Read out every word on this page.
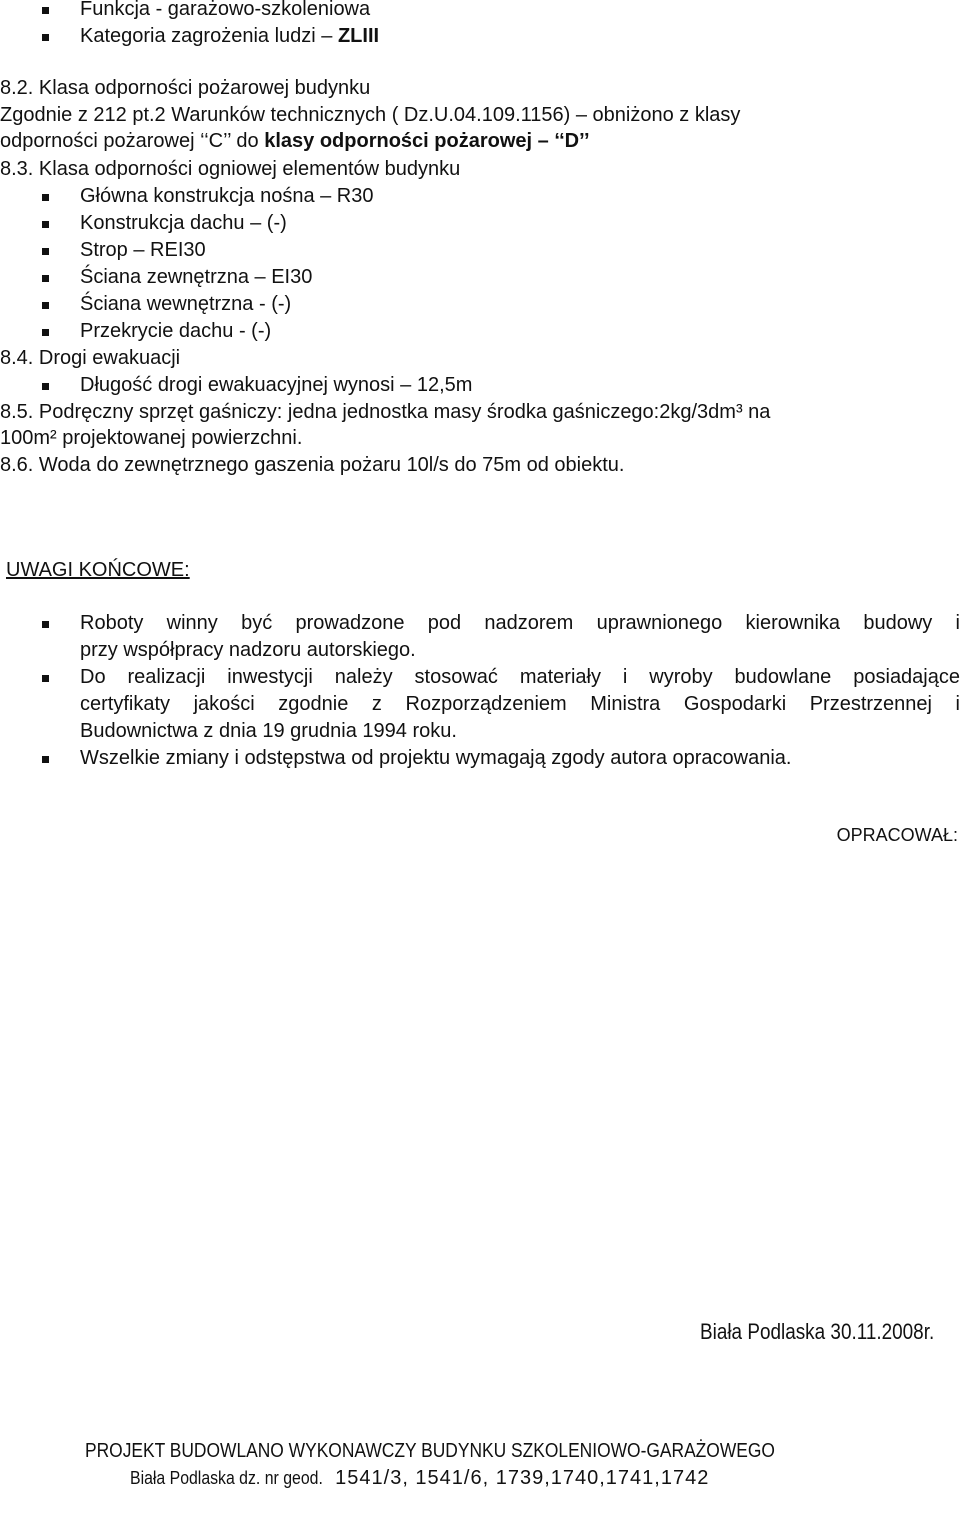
Funkcja - garażowo-szkoleniowa
Kategoria zagrożenia ludzi – ZLIII
8.2. Klasa odporności pożarowej budynku
Zgodnie z 212 pt.2 Warunków technicznych ( Dz.U.04.109.1156) – obniżono z klasy
odporności pożarowej ‘‘C’’ do klasy odporności pożarowej – ‘‘D’’
8.3. Klasa odporności ogniowej elementów budynku
Główna konstrukcja nośna – R30
Konstrukcja dachu – (-)
Strop – REI30
Ściana zewnętrzna – EI30
Ściana wewnętrzna - (-)
Przekrycie dachu - (-)
8.4. Drogi ewakuacji
Długość drogi ewakuacyjnej wynosi – 12,5m
8.5. Podręczny sprzęt gaśniczy: jedna jednostka masy środka gaśniczego:2kg/3dm³ na
100m² projektowanej powierzchni.
8.6. Woda do zewnętrznego gaszenia pożaru 10l/s do 75m od obiektu.
UWAGI KOŃCOWE:
Roboty winny być prowadzone pod nadzorem uprawnionego kierownika budowy i
przy współpracy nadzoru autorskiego.
Do realizacji inwestycji należy stosować materiały i wyroby budowlane posiadające
certyfikaty jakości zgodnie z Rozporządzeniem Ministra Gospodarki Przestrzennej i
Budownictwa z dnia 19 grudnia 1994 roku.
Wszelkie zmiany i odstępstwa od projektu wymagają zgody autora opracowania.
OPRACOWAŁ:
Biała Podlaska 30.11.2008r.
PROJEKT BUDOWLANO WYKONAWCZY BUDYNKU SZKOLENIOWO-GARAŻOWEGO
Biała Podlaska dz. nr geod.1541/3, 1541/6, 1739,1740,1741,1742
